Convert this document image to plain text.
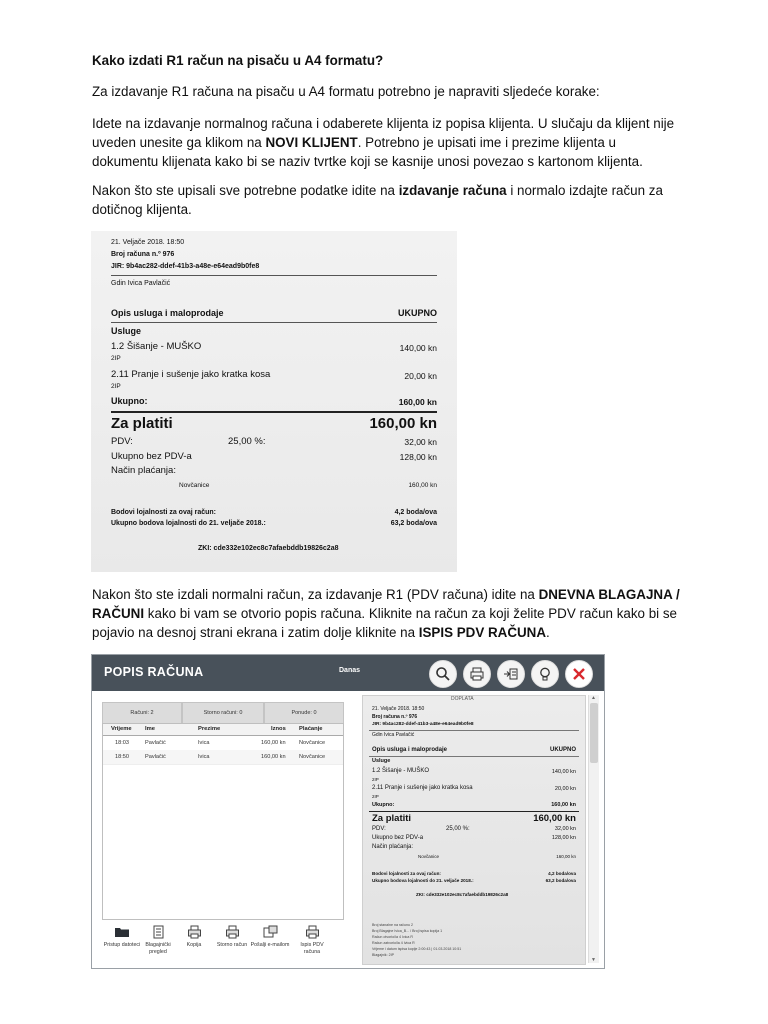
Kako izdati R1 račun na pisaču u A4 formatu?

Za izdavanje R1 računa na pisaču u A4 formatu potrebno je napraviti sljedeće korake:

Idete na izdavanje normalnog računa i odaberete klijenta iz popisa klijenta. U slučaju da klijent nije uveden unesite ga klikom na NOVI KLIJENT. Potrebno je upisati ime i prezime klijenta u dokumentu klijenata kako bi se naziv tvrtke koji se kasnije unosi povezao s kartonom klijenta.

Nakon što ste upisali sve potrebne podatke idite na izdavanje računa i normalo izdajte račun za dotičnog klijenta.

21. Veljače 2018. 18:50
Broj računa n.º 976
JIR: 9b4ac282-ddef-41b3-a48e-e64ead9b0fe8
Gdin Ivica Pavlačić
Opis usluga i maloprodaje	UKUPNO
Usluge
1.2 Šišanje - MUŠKO	140,00 kn
2IP
2.11 Pranje i sušenje jako kratka kosa	20,00 kn
2IP
Ukupno:	160,00 kn
Za platiti	160,00 kn
PDV:	25,00 %:	32,00 kn
Ukupno bez PDV-a	128,00 kn
Način plaćanja:
Novčanice	160,00 kn
Bodovi lojalnosti za ovaj račun:	4,2 boda/ova
Ukupno bodova lojalnosti do 21. veljače 2018.:	63,2 boda/ova
ZKI: cde332e102ec8c7afaebddb19826c2a8

Nakon što ste izdali normalni račun, za izdavanje R1 (PDV računa) idite na DNEVNA BLAGAJNA / RAČUNI kako bi vam se otvorio popis računa. Kliknite na račun za koji želite PDV račun kako bi se pojavio na desnoj strani ekrana i zatim dolje kliknite na ISPIS PDV RAČUNA.

POPIS RAČUNA	Danas
Računi: 2	Storno računi: 0	Ponude: 0
Vrijeme Ime	Prezime	Iznos Plaćanje
18:03	Pavlačić	Ivica	160,00 kn Novčanice
18:50	Pavlačić	Ivica	160,00 kn Novčanice
Pristup datoteci Blagajnički pregled
Kopija	Storno račun Pošalji e-mailom	Ispis PDV računa
DOPLATA
21. Veljače 2018. 18:50
Broj računa n.º 976
JIR: 9b4ac282-ddef-41b3-a48e-e64ead9b0fe8
Gdin Ivica Pavlačić
Opis usluga i maloprodaje	UKUPNO
Usluge
1.2 Šišanje - MUŠKO	140,00 kn
2IP
2.11 Pranje i sušenje jako kratka kosa	20,00 kn
2IP
Ukupno:	160,00 kn
Za platiti	160,00 kn
PDV:	25,00 %:	32,00 kn
Ukupno bez PDV-a	128,00 kn
Način plaćanja:
Novčanice	160,00 kn
Bodovi lojalnosti za ovaj račun:	4,2 boda/ova
Ukupno bodova lojalnosti do 21. veljače 2018.:	63,2 boda/ova
ZKI: cde332e102ec8c7afaebddb19826c2a8
Broj stanalne na računu 2
Broj Blagajne Ivica_B... / Broj ispisa kopija 1
Račun otvorio/la 4 Ivica R
Račun zatvorio/la 4 Ivica R
Vrijeme i datum ispisa kopije 2:00:43 | 01.03.2018 10:51
Blagajnik: 2IP
▲
▼
